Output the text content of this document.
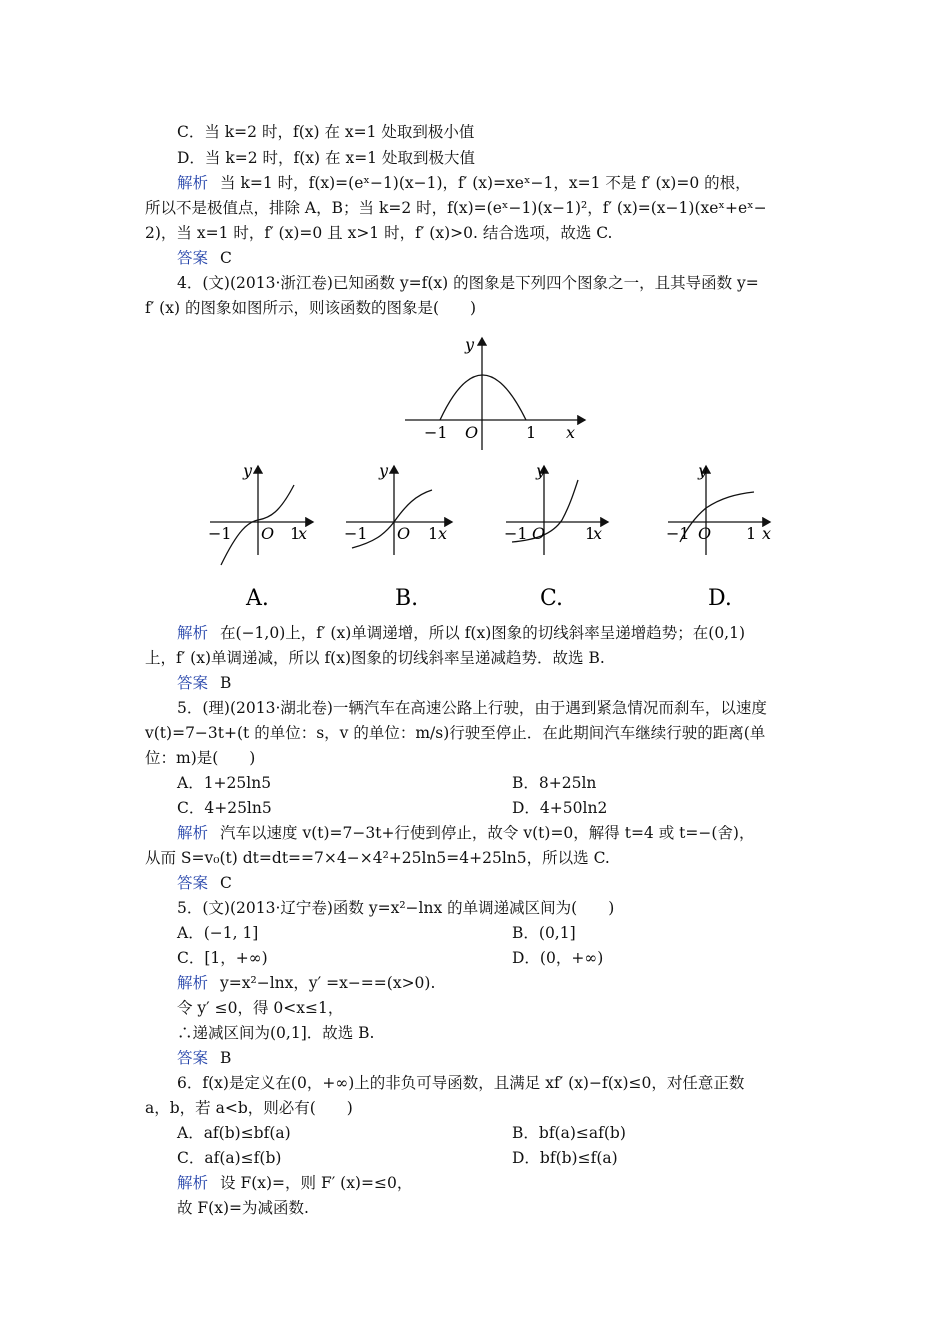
C．当 k=2 时，f(x) 在 x=1 处取到极小值
D．当 k=2 时，f(x) 在 x=1 处取到极大值
解析 当 k=1 时，f(x)=(eˣ−1)(x−1)，f′ (x)=xeˣ−1，x=1 不是 f′ (x)=0 的根，
所以不是极值点，排除 A，B；当 k=2 时，f(x)=(eˣ−1)(x−1)²，f′ (x)=(x−1)(xeˣ+eˣ−
2)，当 x=1 时，f′ (x)=0 且 x>1 时，f′ (x)>0. 结合选项，故选 C.
答案 C
4．(文)(2013·浙江卷)已知函数 y=f(x) 的图象是下列四个图象之一，且其导函数 y=
f′ (x) 的图象如图所示，则该函数的图象是(　　)
y
x
O
−1	1
y
x
O
−1	1
A.
y
x
O
−1	1
B.
y
x
O
−1	1
C.
y
x
O
−1	1
D.
解析 在(−1,0)上，f′ (x)单调递增，所以 f(x)图象的切线斜率呈递增趋势；在(0,1)
上，f′ (x)单调递减，所以 f(x)图象的切线斜率呈递减趋势．故选 B.
答案 B
5．(理)(2013·湖北卷)一辆汽车在高速公路上行驶，由于遇到紧急情况而刹车，以速度
v(t)=7−3t+(t 的单位：s，v 的单位：m/s)行驶至停止．在此期间汽车继续行驶的距离(单
位：m)是(　　)
A．1+25ln5	B．8+25ln
C．4+25ln5	D．4+50ln2
解析 汽车以速度 v(t)=7−3t+行使到停止，故令 v(t)=0，解得 t=4 或 t=−(舍)，
从而 S=v₀(t) dt=dt==7×4−×4²+25ln5=4+25ln5，所以选 C.
答案 C
5．(文)(2013·辽宁卷)函数 y=x²−lnx 的单调递减区间为(　　)
A．(−1, 1]	B．(0,1]
C．[1，+∞)	D．(0，+∞)
解析 y=x²−lnx，y′ =x−==(x>0).
令 y′ ≤0，得 0<x≤1，
∴递减区间为(0,1]．故选 B.
答案 B
6．f(x)是定义在(0，+∞)上的非负可导函数，且满足 xf′ (x)−f(x)≤0，对任意正数
a，b，若 a<b，则必有(　　)
A．af(b)≤bf(a)	B．bf(a)≤af(b)
C．af(a)≤f(b)	D．bf(b)≤f(a)
解析 设 F(x)=，则 F′ (x)=≤0，
故 F(x)=为减函数.
